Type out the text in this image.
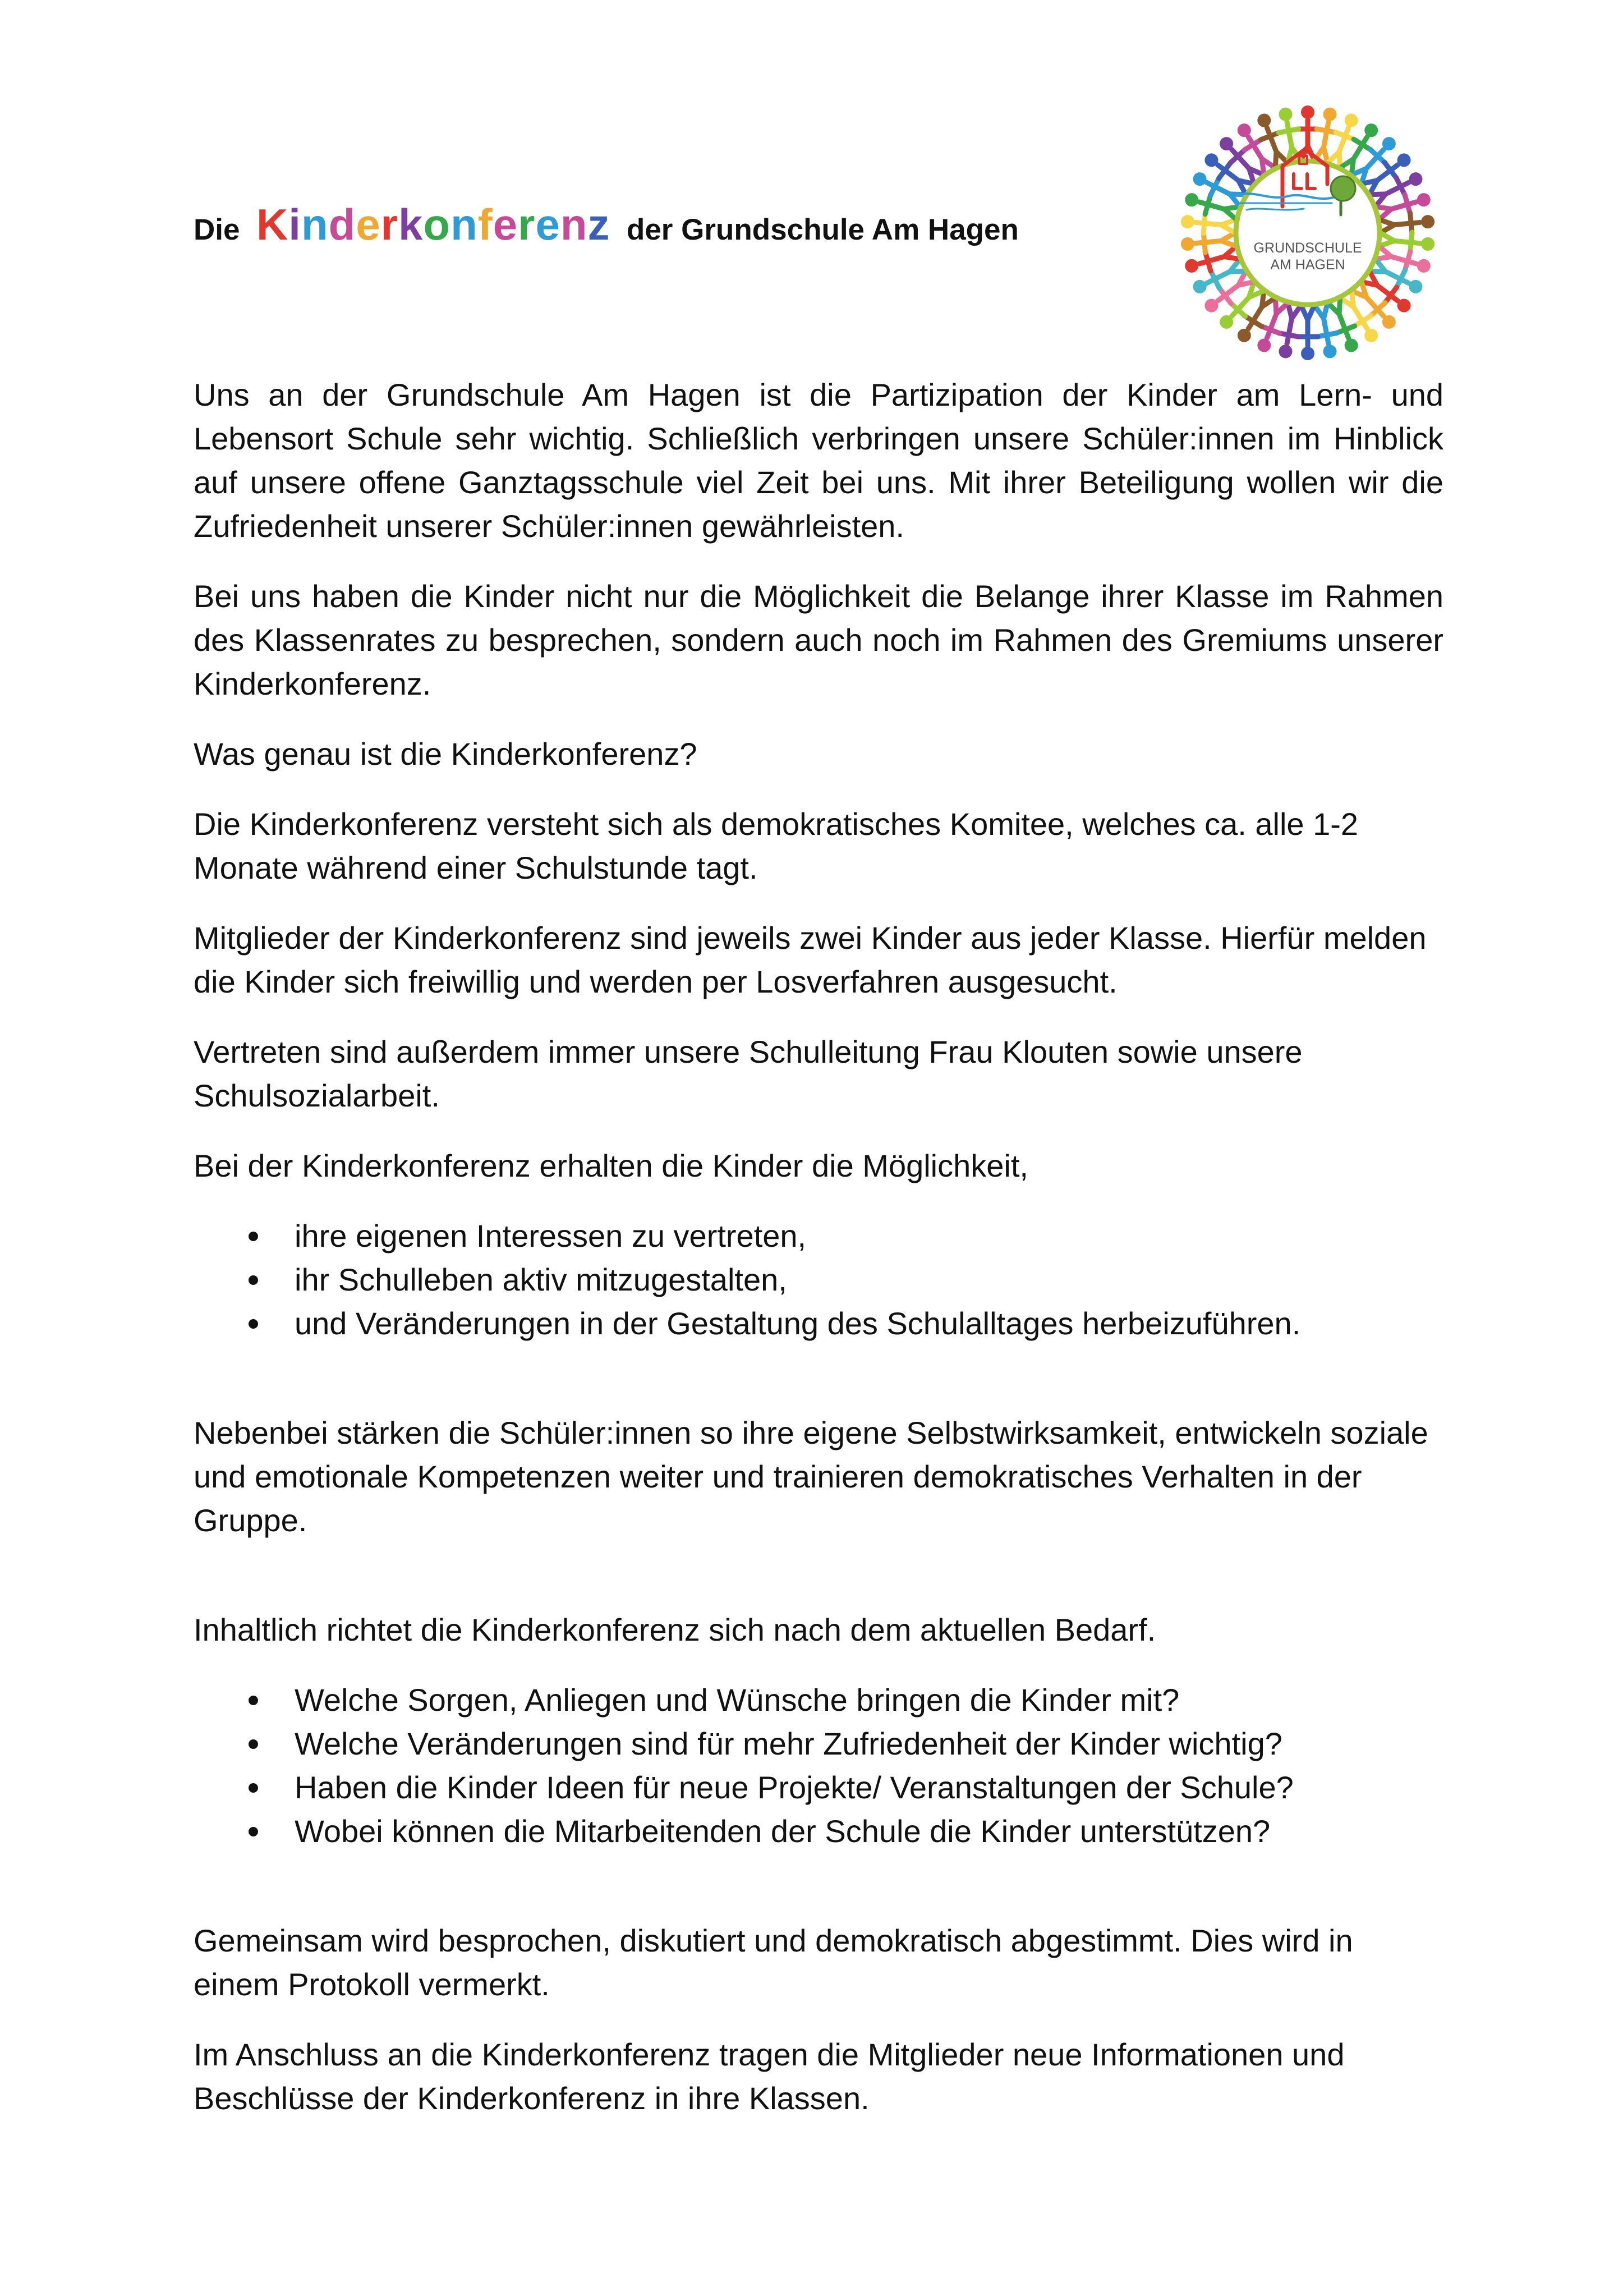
Die Kinderkonferenz der Grundschule Am Hagen
GRUNDSCHULE
AM HAGEN

Uns an der Grundschule Am Hagen ist die Partizipation der Kinder am Lern- und Lebensort Schule sehr wichtig. Schließlich verbringen unsere Schüler:innen im Hinblick auf unsere offene Ganztagsschule viel Zeit bei uns. Mit ihrer Beteiligung wollen wir die Zufriedenheit unserer Schüler:innen gewährleisten.

Bei uns haben die Kinder nicht nur die Möglichkeit die Belange ihrer Klasse im Rahmen des Klassenrates zu besprechen, sondern auch noch im Rahmen des Gremiums unserer Kinderkonferenz.

Was genau ist die Kinderkonferenz?

Die Kinderkonferenz versteht sich als demokratisches Komitee, welches ca. alle 1-2 Monate während einer Schulstunde tagt.

Mitglieder der Kinderkonferenz sind jeweils zwei Kinder aus jeder Klasse. Hierfür melden die Kinder sich freiwillig und werden per Losverfahren ausgesucht.

Vertreten sind außerdem immer unsere Schulleitung Frau Klouten sowie unsere Schulsozialarbeit.

Bei der Kinderkonferenz erhalten die Kinder die Möglichkeit,

ihre eigenen Interessen zu vertreten,
ihr Schulleben aktiv mitzugestalten,
und Veränderungen in der Gestaltung des Schulalltages herbeizuführen.

Nebenbei stärken die Schüler:innen so ihre eigene Selbstwirksamkeit, entwickeln soziale und emotionale Kompetenzen weiter und trainieren demokratisches Verhalten in der Gruppe.

Inhaltlich richtet die Kinderkonferenz sich nach dem aktuellen Bedarf.

Welche Sorgen, Anliegen und Wünsche bringen die Kinder mit?
Welche Veränderungen sind für mehr Zufriedenheit der Kinder wichtig?
Haben die Kinder Ideen für neue Projekte/ Veranstaltungen der Schule?
Wobei können die Mitarbeitenden der Schule die Kinder unterstützen?

Gemeinsam wird besprochen, diskutiert und demokratisch abgestimmt. Dies wird in einem Protokoll vermerkt.

Im Anschluss an die Kinderkonferenz tragen die Mitglieder neue Informationen und Beschlüsse der Kinderkonferenz in ihre Klassen.
